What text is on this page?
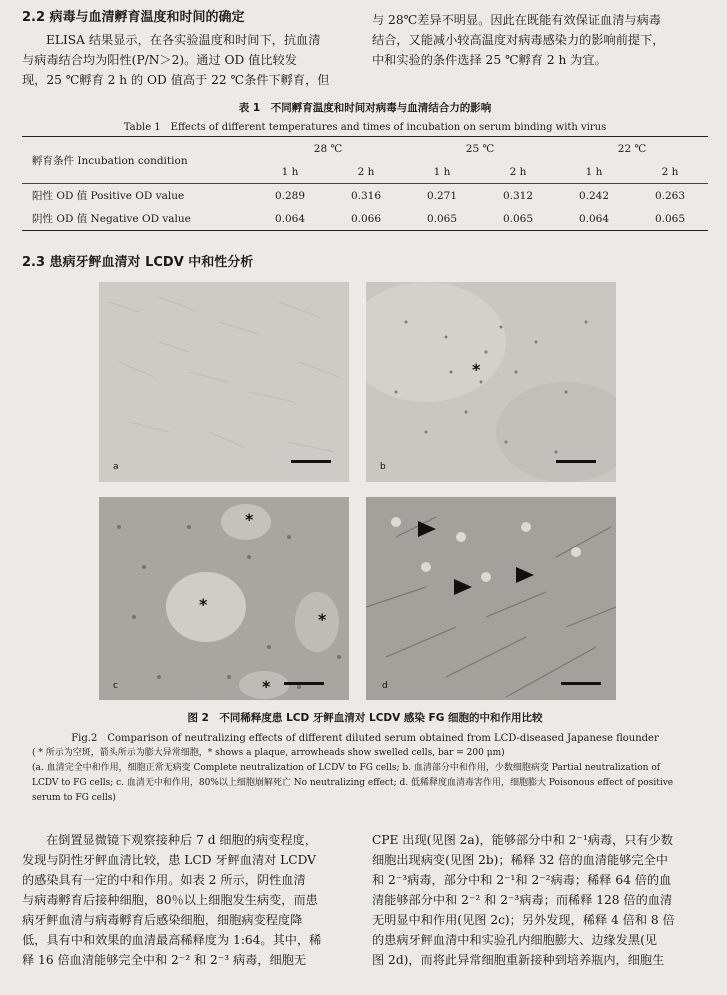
2.2 病毒与血清孵育温度和时间的确定

ELISA 结果显示，在各实验温度和时间下，抗血清

与病毒结合均为阳性(P/N＞2)。通过 OD 值比较发

现，25 ℃孵育 2 h 的 OD 值高于 22 ℃条件下孵育，但

与 28℃差异不明显。因此在既能有效保证血清与病毒

结合，又能减小较高温度对病毒感染力的影响前提下，

中和实验的条件选择 25 ℃孵育 2 h 为宜。

表 1　不同孵育温度和时间对病毒与血清结合力的影响
Table 1　Effects of different temperatures and times of incubation on serum binding with virus
孵育条件 Incubation condition	28 ℃		25 ℃		22 ℃	
	1 h	2 h	1 h	2 h	1 h	2 h
阳性 OD 值 Positive OD value	0.289	0.316	0.271	0.312	0.242	0.263
阴性 OD 值 Negative OD value	0.064	0.066	0.065	0.065	0.064	0.065
2.3 患病牙鲆血清对 LCDV 中和性分析
a
*
b
*
*
*
*
c	d
图 2　不同稀释度患 LCD 牙鲆血清对 LCDV 感染 FG 细胞的中和作用比较
Fig.2　Comparison of neutralizing effects of different diluted serum obtained from LCD-diseased Japanese flounder

( * 所示为空斑，箭头所示为膨大异常细胞，* shows a plaque, arrowheads show swelled cells, bar = 200 μm)

(a. 血清完全中和作用，细胞正常无病变 Complete neutralization of LCDV to FG cells; b. 血清部分中和作用，少数细胞病变 Partial neutralization of

LCDV to FG cells; c. 血清无中和作用，80%以上细胞崩解死亡 No neutralizing effect; d. 低稀释度血清毒害作用，细胞膨大 Poisonous effect of positive

serum to FG cells)

在倒置显微镜下观察接种后 7 d 细胞的病变程度，

发现与阴性牙鲆血清比较，患 LCD 牙鲆血清对 LCDV

的感染具有一定的中和作用。如表 2 所示，阴性血清

与病毒孵育后接种细胞，80％以上细胞发生病变，而患

病牙鲆血清与病毒孵育后感染细胞，细胞病变程度降

低，具有中和效果的血清最高稀释度为 1:64。其中，稀

释 16 倍血清能够完全中和 2⁻² 和 2⁻³ 病毒，细胞无

CPE 出现(见图 2a)，能够部分中和 2⁻¹病毒，只有少数

细胞出现病变(见图 2b)；稀释 32 倍的血清能够完全中

和 2⁻³病毒，部分中和 2⁻¹和 2⁻²病毒；稀释 64 倍的血

清能够部分中和 2⁻² 和 2⁻³病毒；而稀释 128 倍的血清

无明显中和作用(见图 2c)；另外发现，稀释 4 倍和 8 倍

的患病牙鲆血清中和实验孔内细胞膨大、边缘发黑(见

图 2d)，而将此异常细胞重新接种到培养瓶内，细胞生
